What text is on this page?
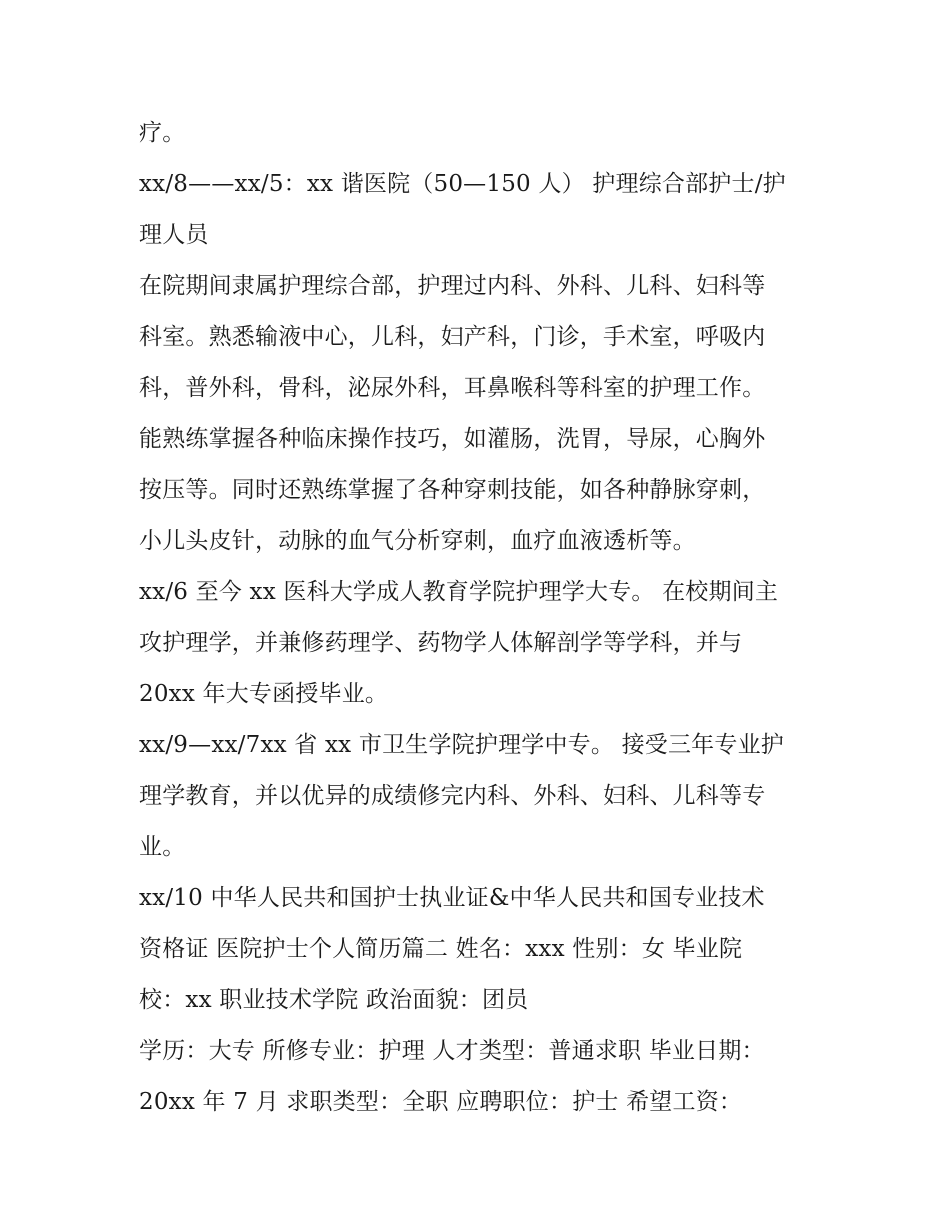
疗。
xx/8——xx/5：xx 谐医院（50—150 人） 护理综合部护士/护
理人员
在院期间隶属护理综合部，护理过内科、外科、儿科、妇科等
科室。熟悉输液中心，儿科，妇产科，门诊，手术室，呼吸内
科，普外科，骨科，泌尿外科，耳鼻喉科等科室的护理工作。
能熟练掌握各种临床操作技巧，如灌肠，洗胃，导尿，心胸外
按压等。同时还熟练掌握了各种穿刺技能，如各种静脉穿刺，
小儿头皮针，动脉的血气分析穿刺，血疗血液透析等。
xx/6 至今 xx 医科大学成人教育学院护理学大专。 在校期间主
攻护理学，并兼修药理学、药物学人体解剖学等学科，并与
20xx 年大专函授毕业。
xx/9—xx/7xx 省 xx 市卫生学院护理学中专。 接受三年专业护
理学教育，并以优异的成绩修完内科、外科、妇科、儿科等专
业。
xx/10 中华人民共和国护士执业证&中华人民共和国专业技术
资格证 医院护士个人简历篇二 姓名：xxx 性别：女 毕业院
校：xx 职业技术学院 政治面貌：团员
学历：大专 所修专业：护理 人才类型：普通求职 毕业日期：
20xx 年 7 月 求职类型：全职 应聘职位：护士 希望工资：
